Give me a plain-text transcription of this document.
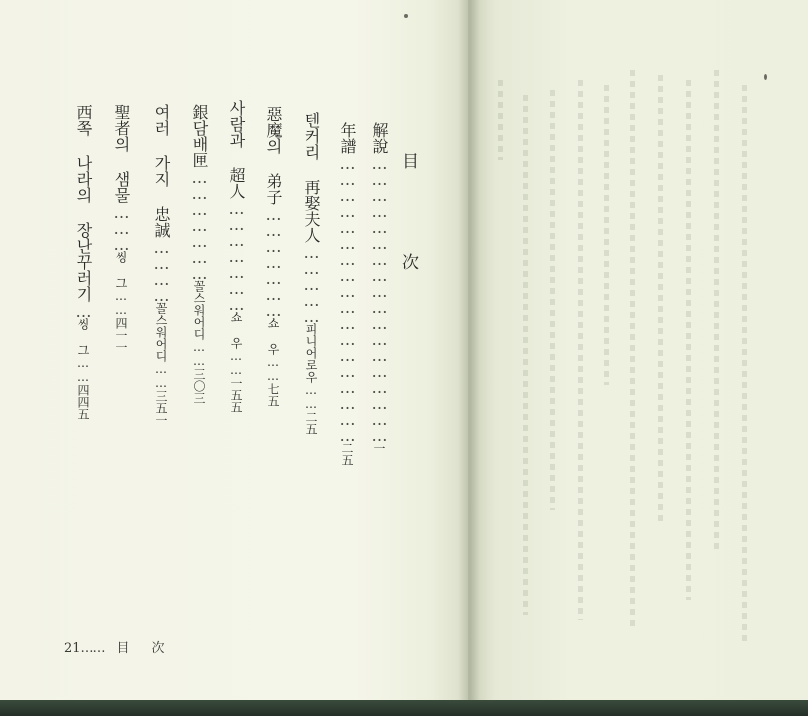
目 次
解說………………………………………………一
年譜………………………………………………二五
텐커리 再娶夫人……………피니어로우……二五
惡魔의 弟子…………………쇼 우……七五
사람과 超人…………………쇼 우……一五五
銀담배匣…………………꼴스워어디……三〇三
여러 가지 忠誠…………꼴스워어디……三五一
聖者의 샘물………씽 그……四一一
西쪽 나라의 장난꾸러기…씽 그……四四五
21…… 目次
